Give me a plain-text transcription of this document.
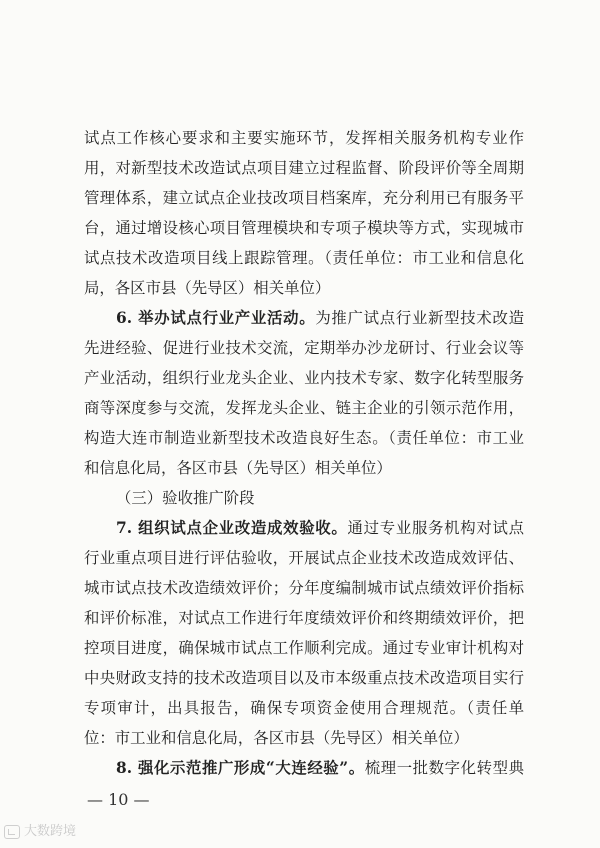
试点工作核心要求和主要实施环节，发挥相关服务机构专业作
用，对新型技术改造试点项目建立过程监督、阶段评价等全周期
管理体系，建立试点企业技改项目档案库，充分利用已有服务平
台，通过增设核心项目管理模块和专项子模块等方式，实现城市
试点技术改造项目线上跟踪管理。（责任单位：市工业和信息化
局，各区市县（先导区）相关单位）
6. 举办试点行业产业活动。为推广试点行业新型技术改造
先进经验、促进行业技术交流，定期举办沙龙研讨、行业会议等
产业活动，组织行业龙头企业、业内技术专家、数字化转型服务
商等深度参与交流，发挥龙头企业、链主企业的引领示范作用，
构造大连市制造业新型技术改造良好生态。（责任单位：市工业
和信息化局，各区市县（先导区）相关单位）
（三）验收推广阶段
7. 组织试点企业改造成效验收。通过专业服务机构对试点
行业重点项目进行评估验收，开展试点企业技术改造成效评估、
城市试点技术改造绩效评价；分年度编制城市试点绩效评价指标
和评价标准，对试点工作进行年度绩效评价和终期绩效评价，把
控项目进度，确保城市试点工作顺利完成。通过专业审计机构对
中央财政支持的技术改造项目以及市本级重点技术改造项目实行
专项审计，出具报告，确保专项资金使用合理规范。（责任单
位：市工业和信息化局，各区市县（先导区）相关单位）
8. 强化示范推广形成“大连经验”。梳理一批数字化转型典
— 10 —
大数跨境
